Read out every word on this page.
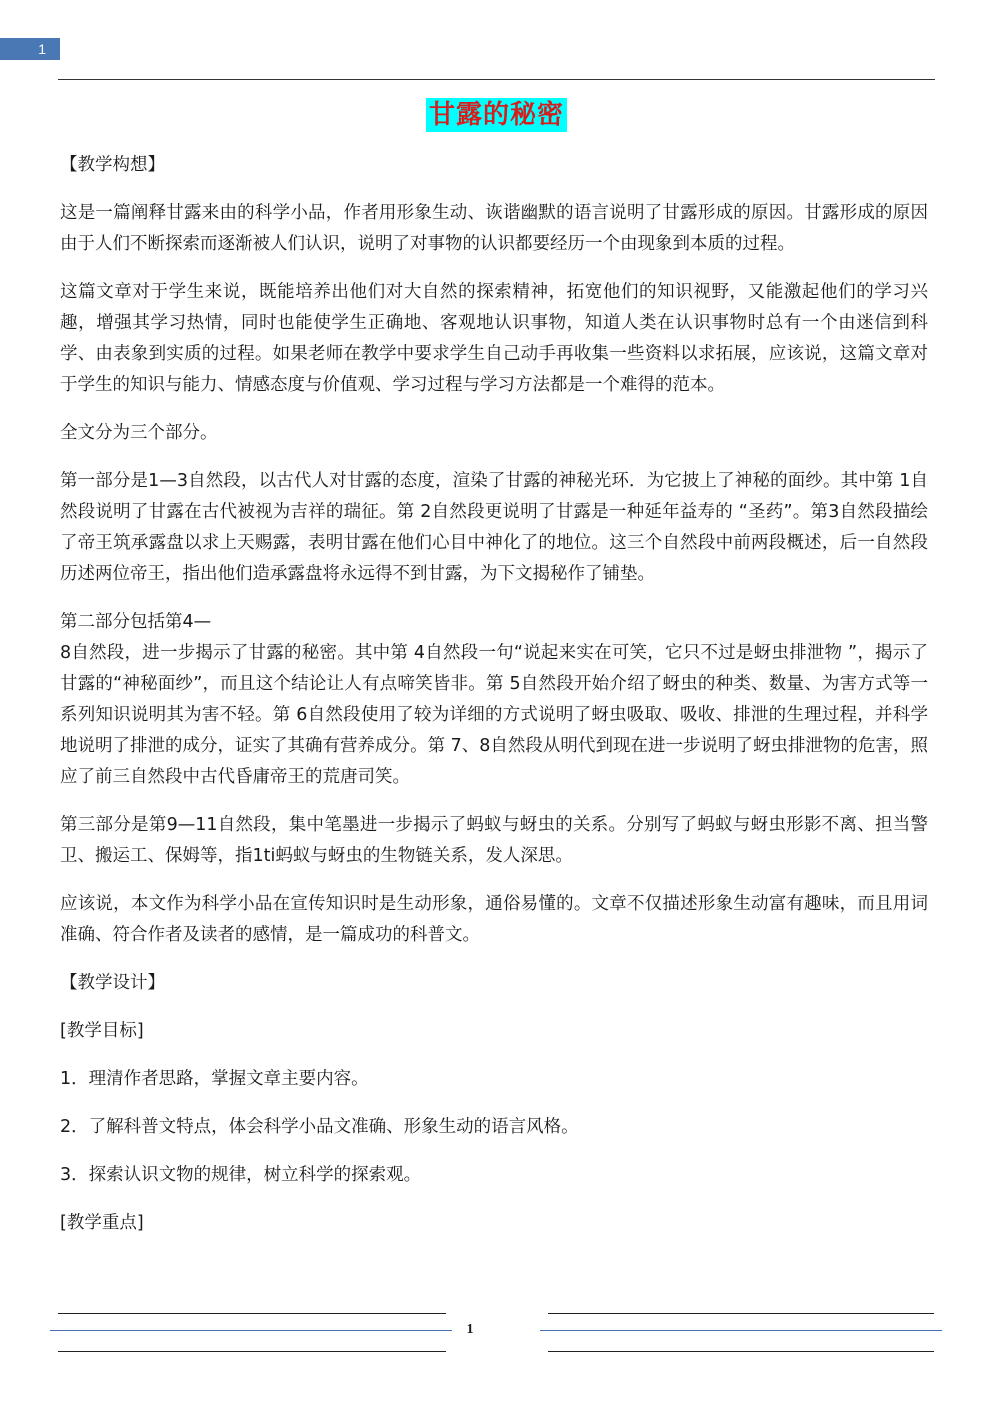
1
甘露的秘密

【教学构想】

这是一篇阐释甘露来由的科学小品，作者用形象生动、诙谐幽默的语言说明了甘露形成的原因。甘露形成的原因由于人们不断探索而逐渐被人们认识，说明了对事物的认识都要经历一个由现象到本质的过程。

这篇文章对于学生来说，既能培养出他们对大自然的探索精神，拓宽他们的知识视野，又能激起他们的学习兴趣，增强其学习热情，同时也能使学生正确地、客观地认识事物，知道人类在认识事物时总有一个由迷信到科学、由表象到实质的过程。如果老师在教学中要求学生自己动手再收集一些资料以求拓展，应该说，这篇文章对于学生的知识与能力、情感态度与价值观、学习过程与学习方法都是一个难得的范本。

全文分为三个部分。

第一部分是1—3自然段，以古代人对甘露的态度，渲染了甘露的神秘光环．为它披上了神秘的面纱。其中第 1自然段说明了甘露在古代被视为吉祥的瑞征。第 2自然段更说明了甘露是一种延年益寿的 “圣药”。第3自然段描绘了帝王筑承露盘以求上天赐露，表明甘露在他们心目中神化了的地位。这三个自然段中前两段概述，后一自然段历述两位帝王，指出他们造承露盘将永远得不到甘露，为下文揭秘作了铺垫。

第二部分包括第4—

8自然段，进一步揭示了甘露的秘密。其中第 4自然段一句“说起来实在可笑，它只不过是蚜虫排泄物 ”，揭示了甘露的“神秘面纱”，而且这个结论让人有点啼笑皆非。第 5自然段开始介绍了蚜虫的种类、数量、为害方式等一系列知识说明其为害不轻。第 6自然段使用了较为详细的方式说明了蚜虫吸取、吸收、排泄的生理过程，并科学地说明了排泄的成分，证实了其确有营养成分。第 7、8自然段从明代到现在进一步说明了蚜虫排泄物的危害，照应了前三自然段中古代昏庸帝王的荒唐司笑。

第三部分是第9—11自然段，集中笔墨进一步揭示了蚂蚁与蚜虫的关系。分别写了蚂蚁与蚜虫形影不离、担当警卫、搬运工、保姆等，指1ti蚂蚁与蚜虫的生物链关系，发人深思。

应该说，本文作为科学小品在宣传知识时是生动形象，通俗易懂的。文章不仅描述形象生动富有趣味，而且用词准确、符合作者及读者的感情，是一篇成功的科普文。

【教学设计】

[教学目标]

1．理清作者思路，掌握文章主要内容。

2．了解科普文特点，体会科学小品文准确、形象生动的语言风格。

3．探索认识文物的规律，树立科学的探索观。

[教学重点]

1
